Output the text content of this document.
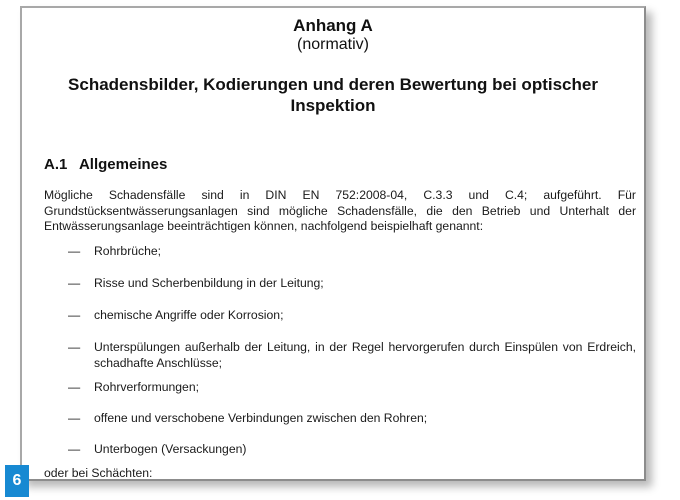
Anhang A
(normativ)
Schadensbilder, Kodierungen und deren Bewertung bei optischer Inspektion
A.1 Allgemeines
Mögliche Schadensfälle sind in DIN EN 752:2008-04, C.3.3 und C.4; aufgeführt. Für Grundstücksentwässerungsanlagen sind mögliche Schadensfälle, die den Betrieb und Unterhalt der Entwässerungsanlage beeinträchtigen können, nachfolgend beispielhaft genannt:
—	Rohrbrüche;
—	Risse und Scherbenbildung in der Leitung;
—	chemische Angriffe oder Korrosion;
—	Unterspülungen außerhalb der Leitung, in der Regel hervorgerufen durch Einspülen von Erdreich, schadhafte Anschlüsse;
—	Rohrverformungen;
—	offene und verschobene Verbindungen zwischen den Rohren;
—	Unterbogen (Versackungen)
oder bei Schächten:
6
